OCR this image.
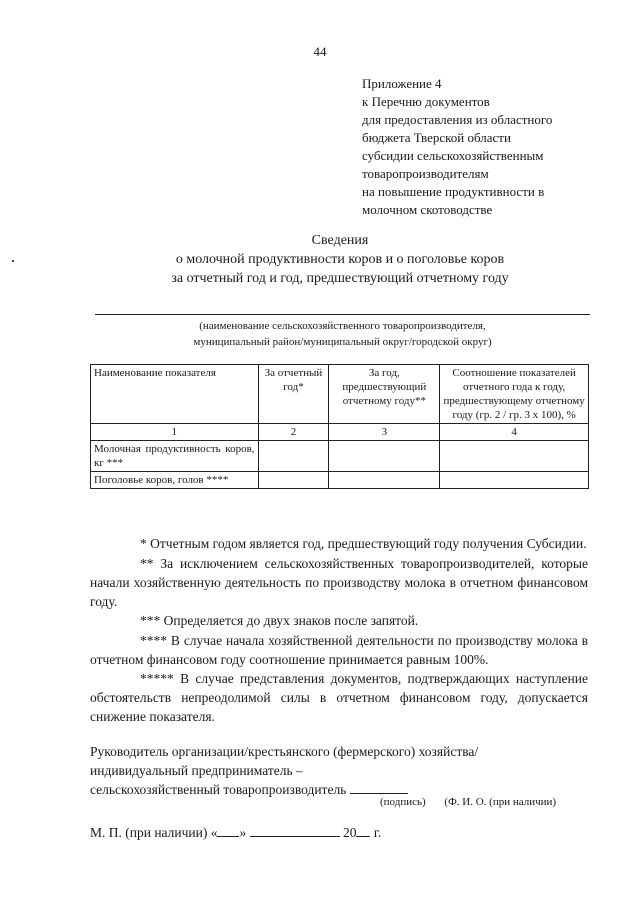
44
Приложение 4
к Перечню документов
для предоставления из областного
бюджета Тверской области
субсидии сельскохозяйственным
товаропроизводителям
на повышение продуктивности в
молочном скотоводстве
Сведения
о молочной продуктивности коров и о поголовье коров
за отчетный год и год, предшествующий отчетному году
(наименование сельскохозяйственного товаропроизводителя,
муниципальный район/муниципальный округ/городской округ)
Наименование показателя	За отчетный год*	За год, предшествующий отчетному году**	Соотношение показателей отчетного года к году, предшествующему отчетному году (гр. 2 / гр. 3 х 100), %
1	2	3	4
Молочная продуктивность коров, кг ***			
Поголовье коров, голов ****			

* Отчетным годом является год, предшествующий году получения Субсидии.

** За исключением сельскохозяйственных товаропроизводителей, которые начали хозяйственную деятельность по производству молока в отчетном финансовом году.

*** Определяется до двух знаков после запятой.

**** В случае начала хозяйственной деятельности по производству молока в отчетном финансовом году соотношение принимается равным 100%.

***** В случае представления документов, подтверждающих наступление обстоятельств непреодолимой силы в отчетном финансовом году, допускается снижение показателя.

Руководитель организации/крестьянского (фермерского) хозяйства/
индивидуальный предприниматель –
сельскохозяйственный товаропроизводитель
(подпись) (Ф. И. О. (при наличии)
М. П. (при наличии) « »	20 г.
